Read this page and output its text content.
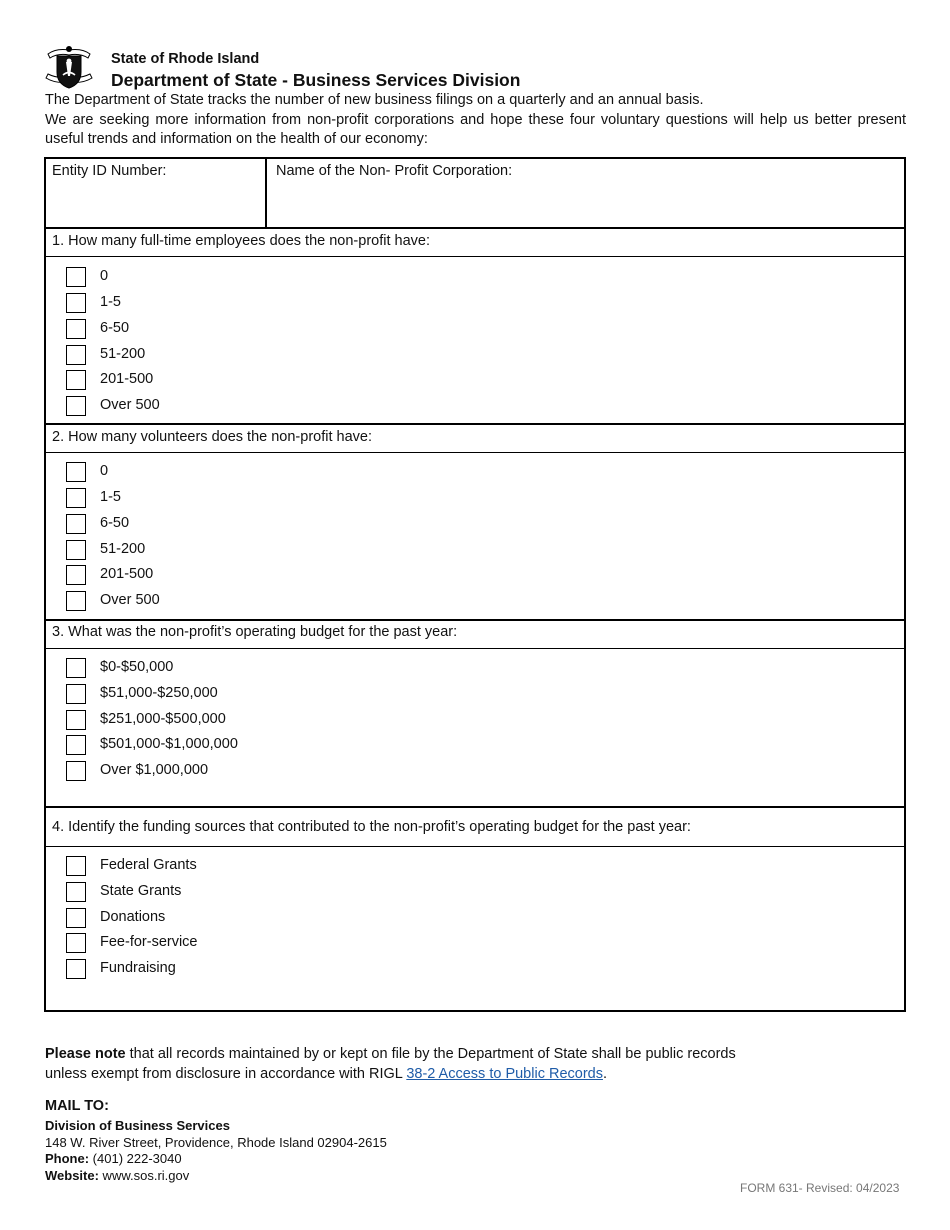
State of Rhode Island
Department of State - Business Services Division
The Department of State tracks the number of new business filings on a quarterly and an annual basis.
We are seeking more information from non-profit corporations and hope these four voluntary questions will help us better present useful trends and information on the health of our economy:
Entity ID Number:	Name of the Non- Profit Corporation:
1. How many full-time employees does the non-profit have:
0
1-5
6-50
51-200
201-500
Over 500
2. How many volunteers does the non-profit have:
0
1-5
6-50
51-200
201-500
Over 500
3. What was the non-profit’s operating budget for the past year:
$0-$50,000
$51,000-$250,000
$251,000-$500,000
$501,000-$1,000,000
Over $1,000,000
4. Identify the funding sources that contributed to the non-profit’s operating budget for the past year:
Federal Grants
State Grants
Donations
Fee-for-service
Fundraising
Please note that all records maintained by or kept on file by the Department of State shall be public records unless exempt from disclosure in accordance with RIGL 38-2 Access to Public Records.
MAIL TO:
Division of Business Services
148 W. River Street, Providence, Rhode Island 02904-2615
Phone: (401) 222-3040
Website: www.sos.ri.gov
FORM 631- Revised: 04/2023
